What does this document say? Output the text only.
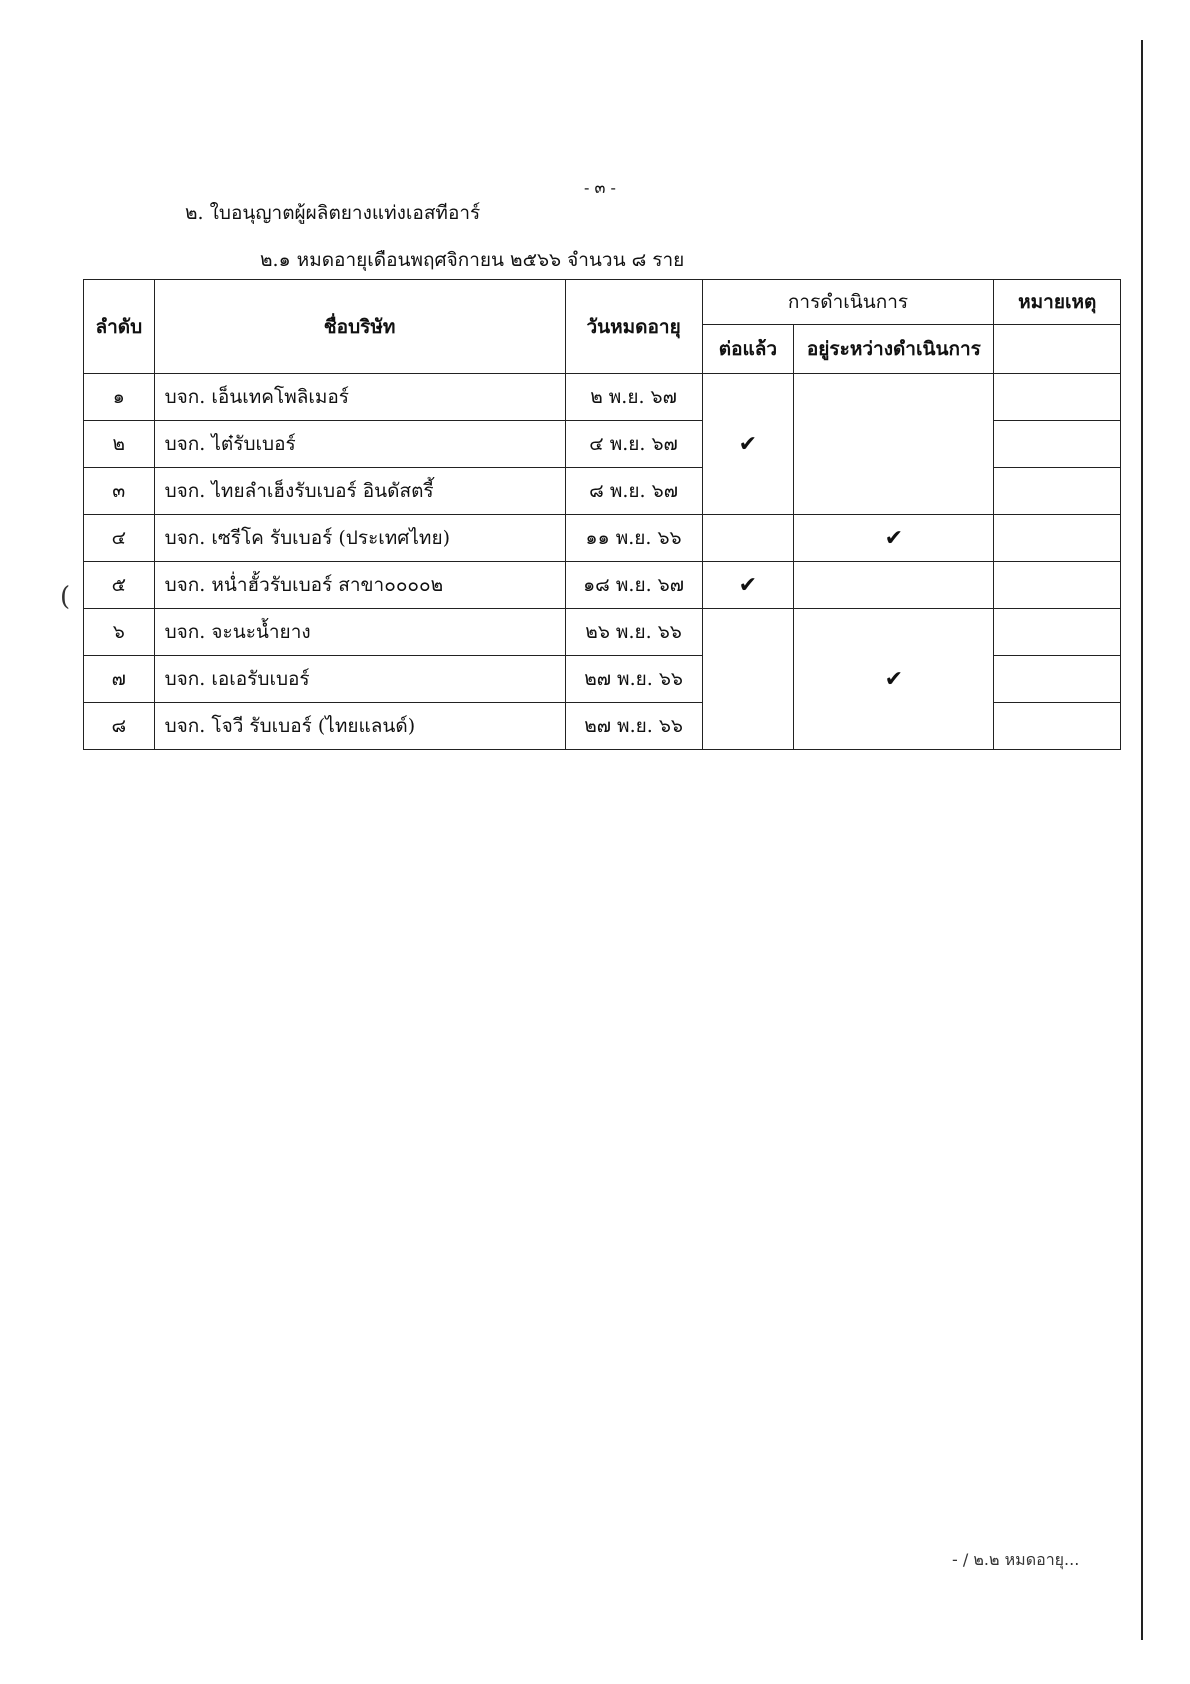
(
- ๓ -
๒. ใบอนุญาตผู้ผลิตยางแท่งเอสทีอาร์
๒.๑ หมดอายุเดือนพฤศจิกายน ๒๕๖๖ จำนวน ๘ ราย
ลำดับ	ชื่อบริษัท	วันหมดอายุ	การดำเนินการ		หมายเหตุ
			ต่อแล้ว	อยู่ระหว่างดำเนินการ	
๑	บจก. เอ็นเทคโพลิเมอร์	๒ พ.ย. ๖๗	✔		
๒	บจก. ไต๋รับเบอร์	๔ พ.ย. ๖๗			
๓	บจก. ไทยลำเฮ็งรับเบอร์ อินดัสตรี้	๘ พ.ย. ๖๗			
๔	บจก. เซรีโค รับเบอร์ (ประเทศไทย)	๑๑ พ.ย. ๖๖		✔	
๕	บจก. หน่ำฮั้วรับเบอร์ สาขา๐๐๐๐๒	๑๘ พ.ย. ๖๗	✔		
๖	บจก. จะนะน้ำยาง	๒๖ พ.ย. ๖๖		✔	
๗	บจก. เอเอรับเบอร์	๒๗ พ.ย. ๖๖			
๘	บจก. โจวี รับเบอร์ (ไทยแลนด์)	๒๗ พ.ย. ๖๖			
- / ๒.๒ หมดอายุ...
